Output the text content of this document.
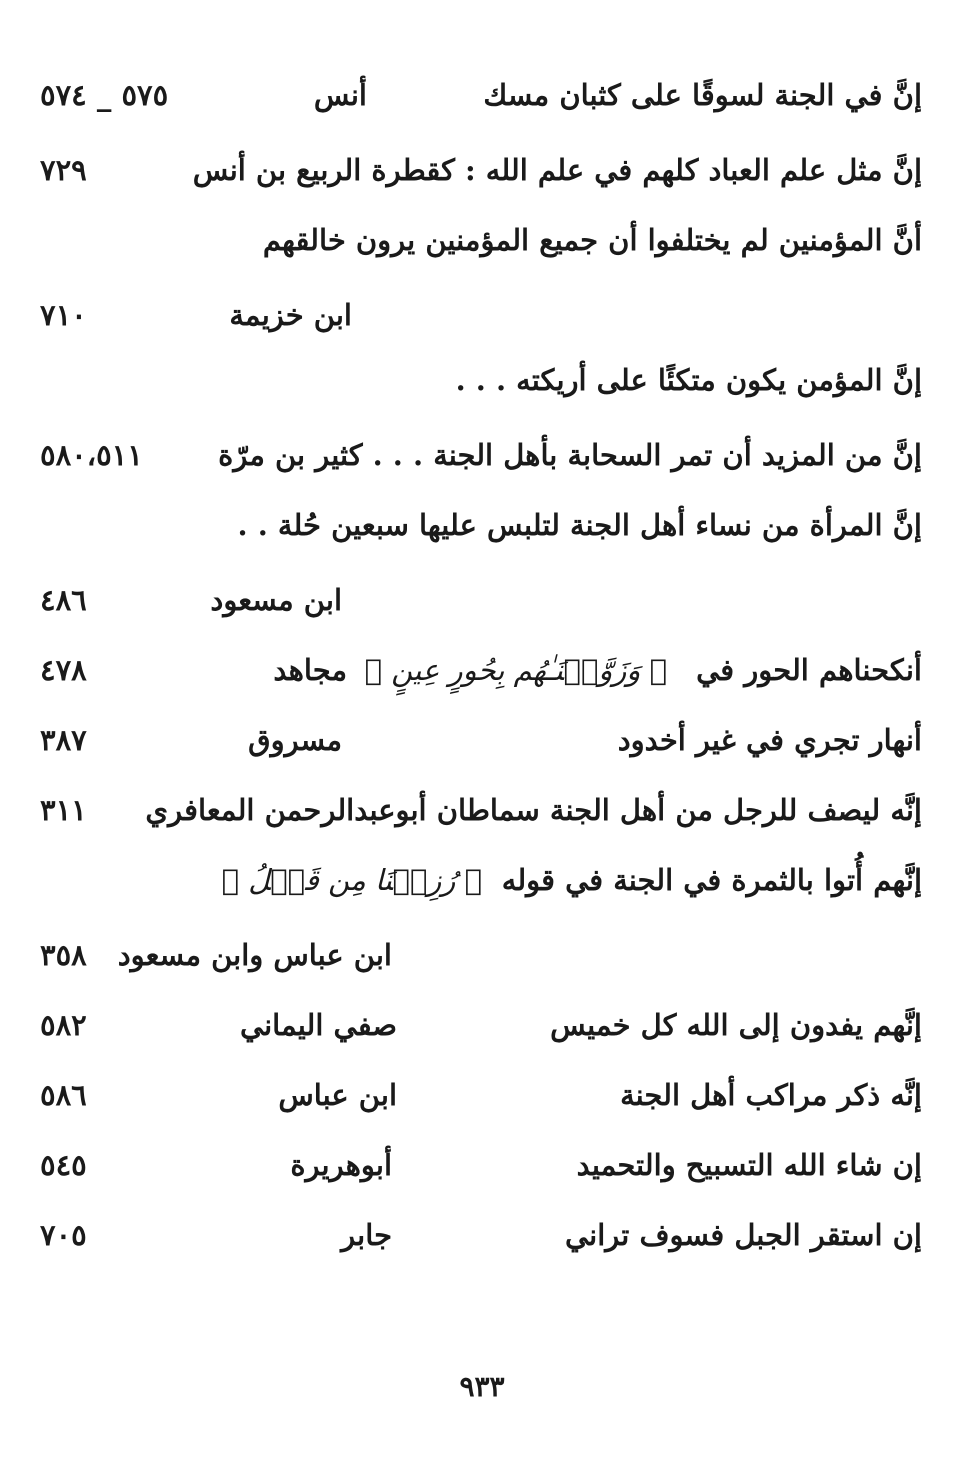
إنَّ في الجنة لسوقًا على كثبان مسك
أنس
٥٧٥ _ ٥٧٤
إنَّ مثل علم العباد كلهم في علم الله : كقطرة الربيع بن أنس
٧٢٩
أنَّ المؤمنين لم يختلفوا أن جميع المؤمنين يرون خالقهم
ابن خزيمة
٧١٠
إنَّ المؤمن يكون متكئًا على أريكته . . .
إنَّ من المزيد أن تمر السحابة بأهل الجنة . . . كثير بن مرّة
٥٨٠،٥١١
إنَّ المرأة من نساء أهل الجنة لتلبس عليها سبعين حُلة . .
ابن مسعود
٤٨٦
أنكحناهم الحور في
﴿ وَزَوَّجۡنَـٰهُم بِحُورٍ عِينٍ ﴾
مجاهد
٤٧٨
أنهار تجري في غير أخدود
مسروق
٣٨٧
إنَّه ليصف للرجل من أهل الجنة سماطان أبوعبدالرحمن المعافري
٣١١
إنَّهم أُتوا بالثمرة في الجنة في قوله
﴿ رُزِقۡنَا مِن قَبۡلُ ﴾
ابن عباس وابن مسعود
٣٥٨
إنَّهم يفدون إلى الله كل خميس
صفي اليماني
٥٨٢
إنَّه ذكر مراكب أهل الجنة
ابن عباس
٥٨٦
إن شاء الله التسبيح والتحميد
أبوهريرة
٥٤٥
إن استقر الجبل فسوف تراني
جابر
٧٠٥
٩٣٣
